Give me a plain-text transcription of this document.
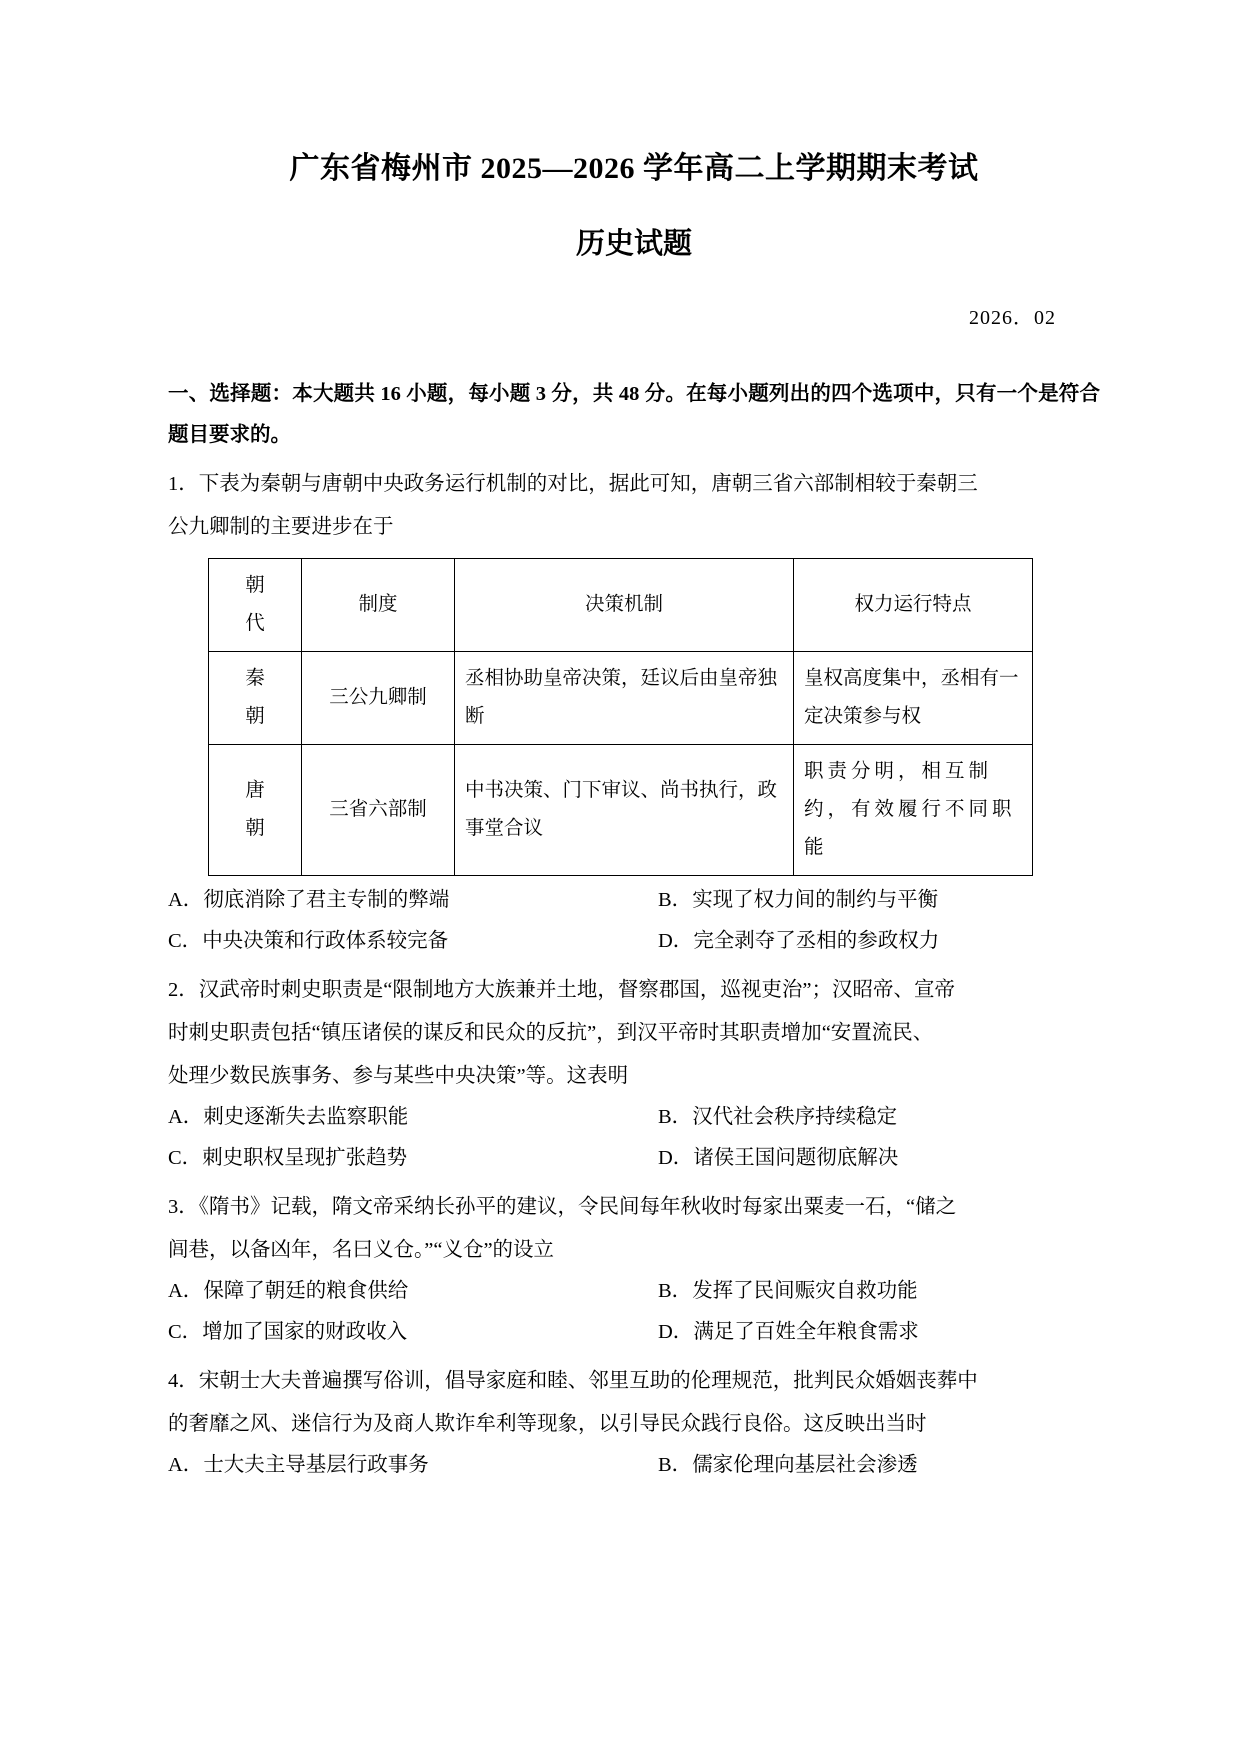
广东省梅州市 2025—2026 学年高二上学期期末考试
历史试题
2026．02

一、选择题：本大题共 16 小题，每小题 3 分，共 48 分。在每小题列出的四个选项中，只有一个是符合题目要求的。

1．下表为秦朝与唐朝中央政务运行机制的对比，据此可知，唐朝三省六部制相较于秦朝三

公九卿制的主要进步在于

朝
代	制度	决策机制	权力运行特点

秦
朝	三公九卿制	丞相协助皇帝决策，廷议后由皇帝独断	皇权高度集中，丞相有一定决策参与权

唐
朝	三省六部制	中书决策、门下审议、尚书执行，政事堂合议	职责分明，相互制约，有效履行不同职能
A．彻底消除了君主专制的弊端	B．实现了权力间的制约与平衡
C．中央决策和行政体系较完备	D．完全剥夺了丞相的参政权力

2．汉武帝时刺史职责是“限制地方大族兼并土地，督察郡国，巡视吏治”；汉昭帝、宣帝

时刺史职责包括“镇压诸侯的谋反和民众的反抗”，到汉平帝时其职责增加“安置流民、

处理少数民族事务、参与某些中央决策”等。这表明

A．刺史逐渐失去监察职能	B．汉代社会秩序持续稳定
C．刺史职权呈现扩张趋势	D．诸侯王国问题彻底解决

3．《隋书》记载，隋文帝采纳长孙平的建议，令民间每年秋收时每家出粟麦一石，“储之

闾巷，以备凶年，名曰义仓。”“义仓”的设立

A．保障了朝廷的粮食供给	B．发挥了民间赈灾自救功能
C．增加了国家的财政收入	D．满足了百姓全年粮食需求

4．宋朝士大夫普遍撰写俗训，倡导家庭和睦、邻里互助的伦理规范，批判民众婚姻丧葬中

的奢靡之风、迷信行为及商人欺诈牟利等现象，以引导民众践行良俗。这反映出当时

A．士大夫主导基层行政事务	B．儒家伦理向基层社会渗透
